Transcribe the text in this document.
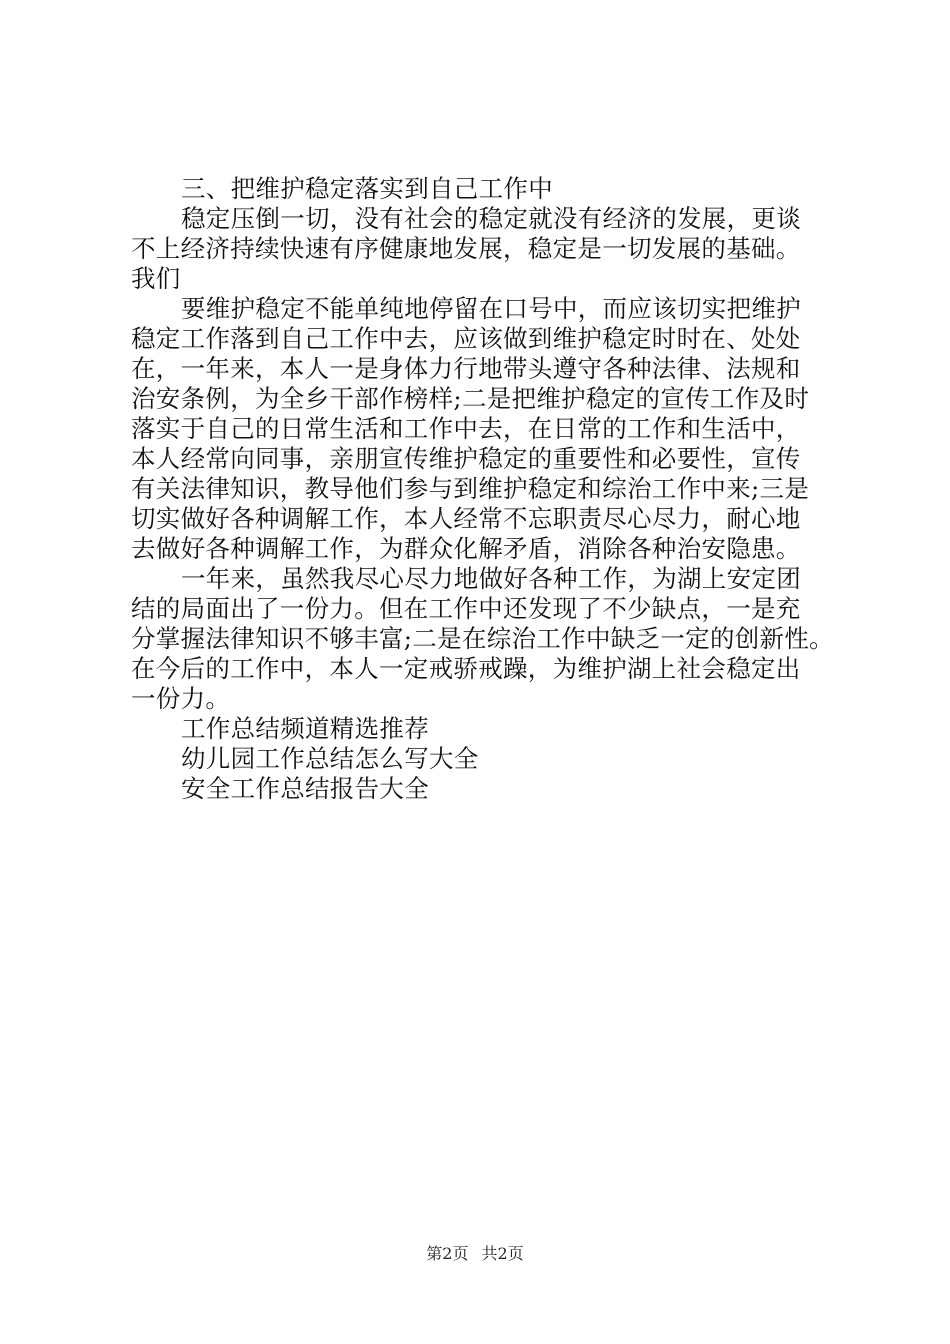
三、把维护稳定落实到自己工作中
稳定压倒一切，没有社会的稳定就没有经济的发展，更谈
不上经济持续快速有序健康地发展，稳定是一切发展的基础。
我们
要维护稳定不能单纯地停留在口号中，而应该切实把维护
稳定工作落到自己工作中去，应该做到维护稳定时时在、处处
在，一年来，本人一是身体力行地带头遵守各种法律、法规和
治安条例，为全乡干部作榜样;二是把维护稳定的宣传工作及时
落实于自己的日常生活和工作中去，在日常的工作和生活中，
本人经常向同事，亲朋宣传维护稳定的重要性和必要性，宣传
有关法律知识，教导他们参与到维护稳定和综治工作中来;三是
切实做好各种调解工作，本人经常不忘职责尽心尽力，耐心地
去做好各种调解工作，为群众化解矛盾，消除各种治安隐患。
一年来，虽然我尽心尽力地做好各种工作，为湖上安定团
结的局面出了一份力。但在工作中还发现了不少缺点，一是充
分掌握法律知识不够丰富;二是在综治工作中缺乏一定的创新性。
在今后的工作中，本人一定戒骄戒躁，为维护湖上社会稳定出
一份力。
工作总结频道精选推荐
幼儿园工作总结怎么写大全
安全工作总结报告大全
第2页 共2页
